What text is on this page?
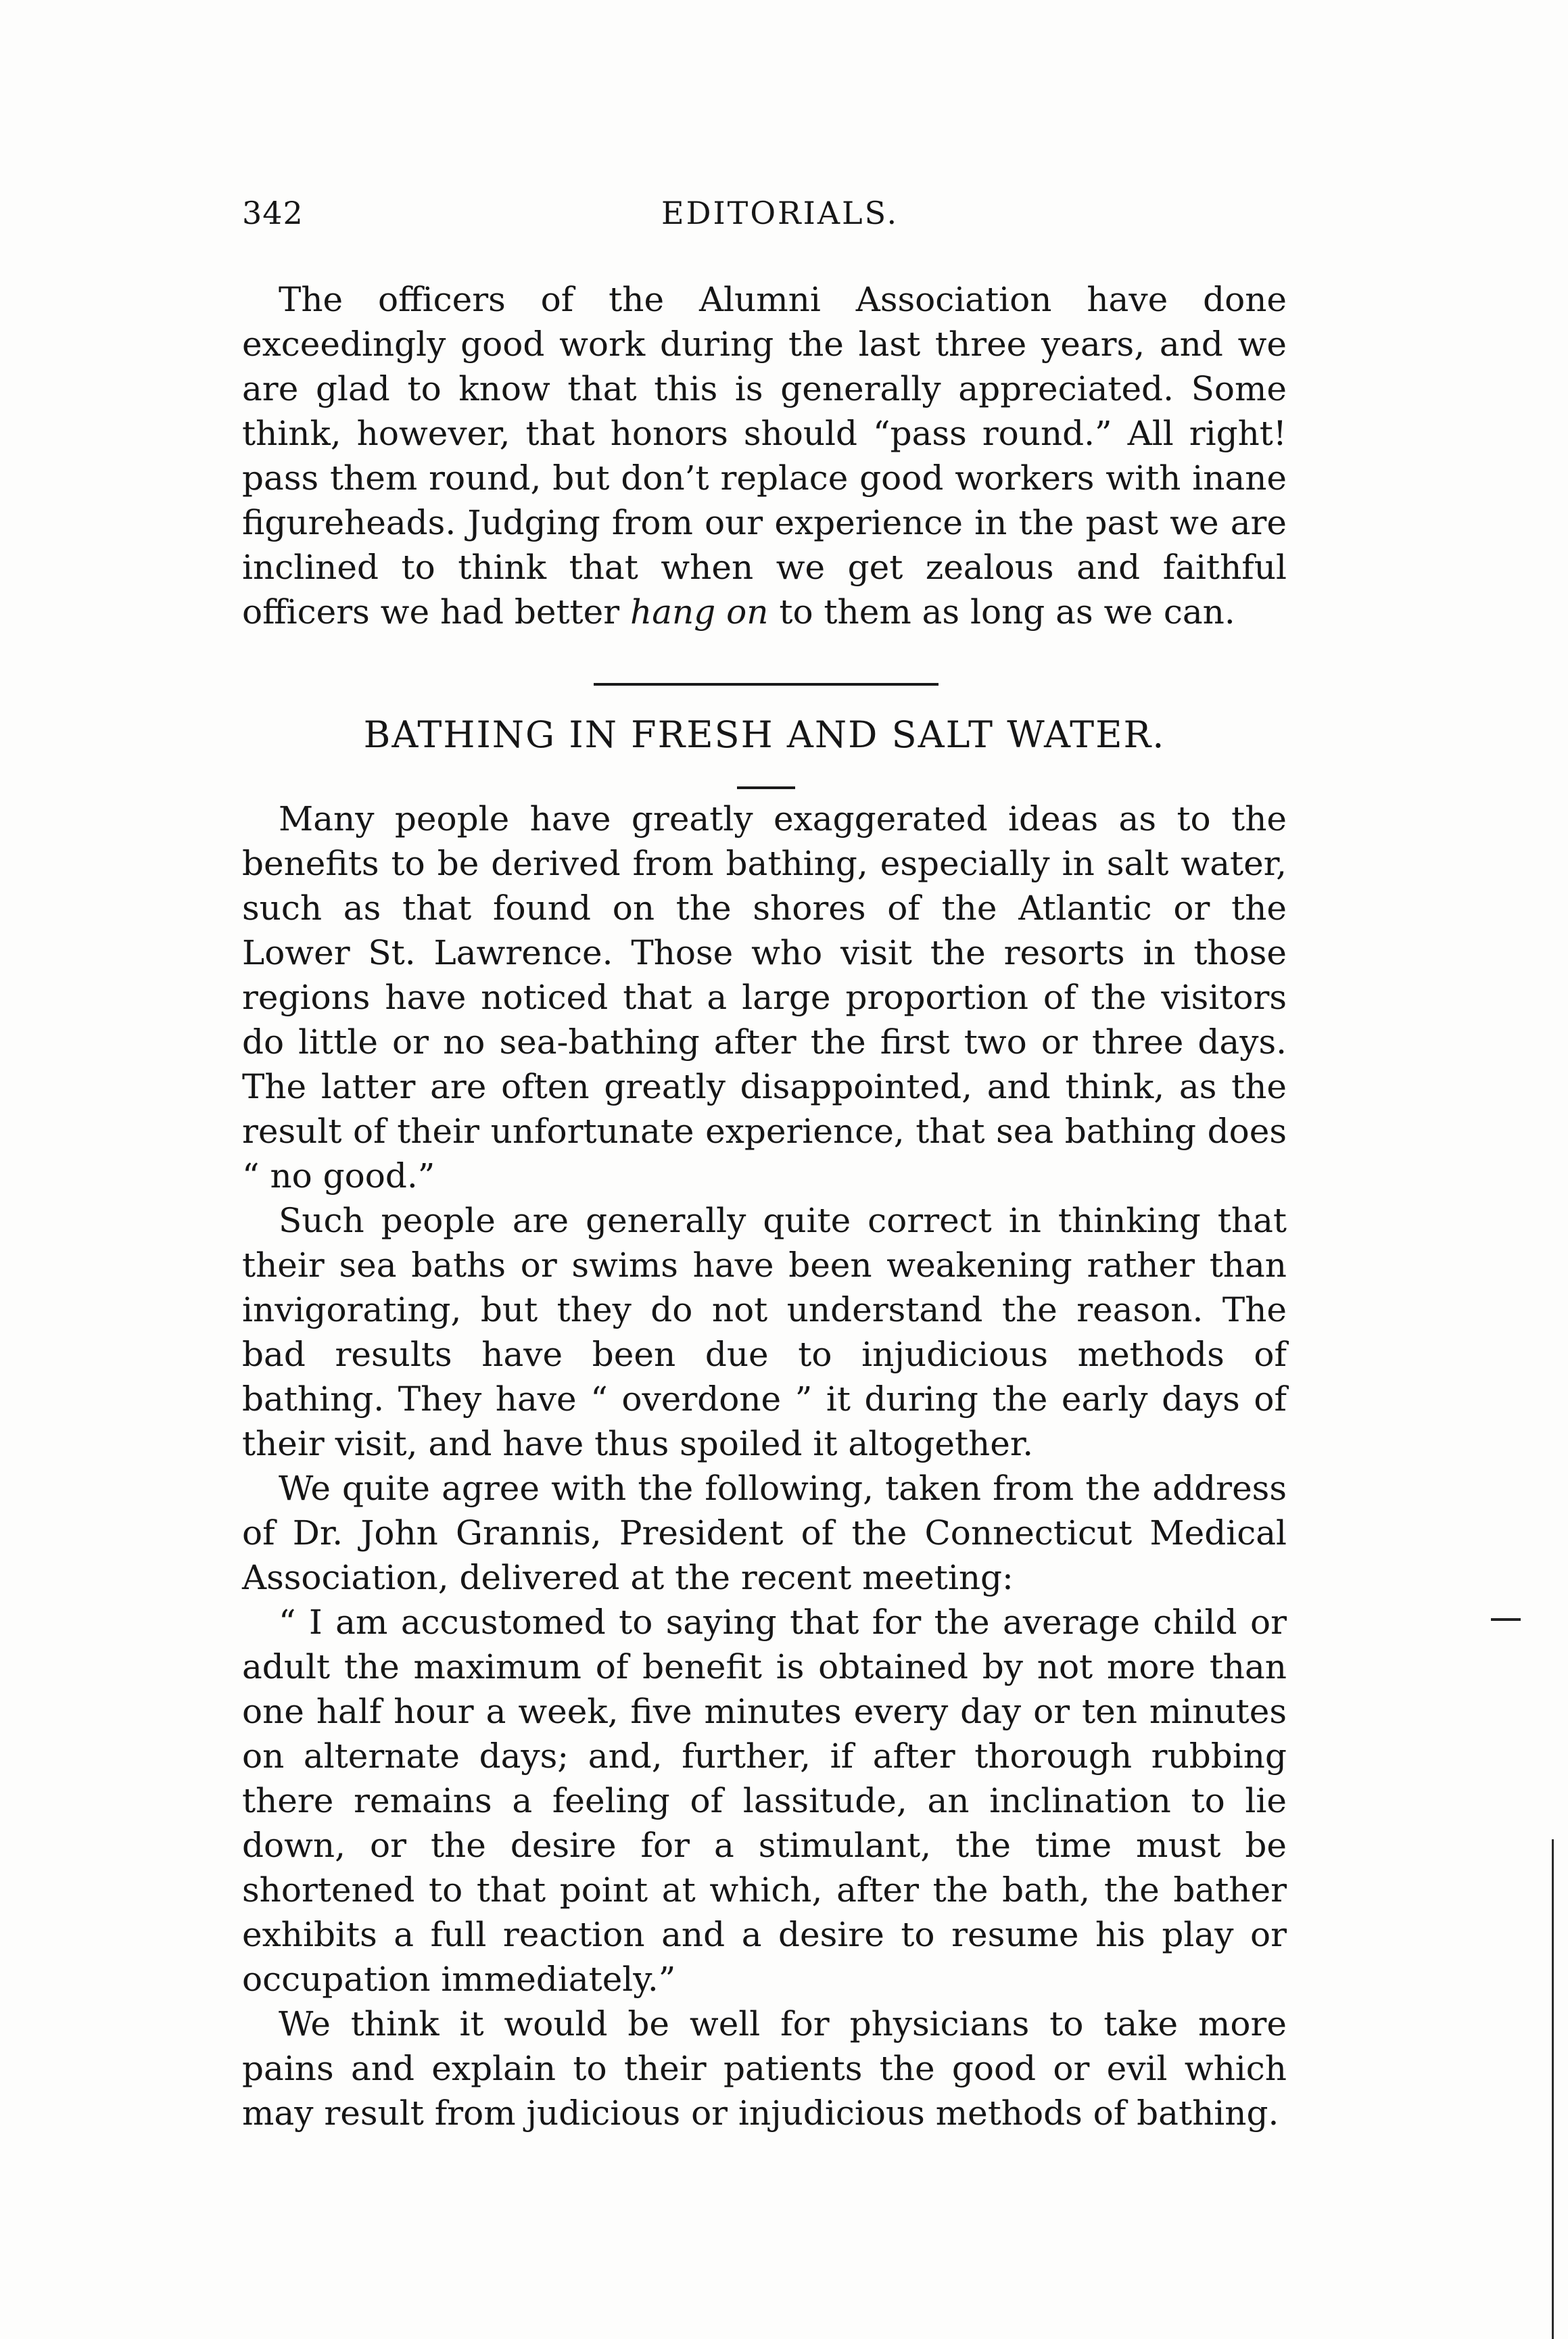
342	EDITORIALS.

The officers of the Alumni Association have done exceedingly good work during the last three years, and we are glad to know that this is generally appreciated. Some think, however, that honors should “pass round.” All right! pass them round, but don’t replace good workers with inane figureheads. Judging from our experience in the past we are inclined to think that when we get zealous and faithful officers we had better hang on to them as long as we can.

BATHING IN FRESH AND SALT WATER.

Many people have greatly exaggerated ideas as to the benefits to be derived from bathing, especially in salt water, such as that found on the shores of the Atlantic or the Lower St. Lawrence. Those who visit the resorts in those regions have noticed that a large proportion of the visitors do little or no sea-bathing after the first two or three days. The latter are often greatly disappointed, and think, as the result of their unfortunate experience, that sea bathing does “ no good.”

Such people are generally quite correct in thinking that their sea baths or swims have been weakening rather than invigorating, but they do not understand the reason. The bad results have been due to injudicious methods of bathing. They have “ overdone ” it during the early days of their visit, and have thus spoiled it altogether.

We quite agree with the following, taken from the address of Dr. John Grannis, President of the Connecticut Medical Association, delivered at the recent meeting:

“ I am accustomed to saying that for the average child or adult the maximum of benefit is obtained by not more than one half hour a week, five minutes every day or ten minutes on alternate days; and, further, if after thorough rubbing there remains a feeling of lassitude, an inclination to lie down, or the desire for a stimulant, the time must be shortened to that point at which, after the bath, the bather exhibits a full reaction and a desire to resume his play or occupation immediately.”

We think it would be well for physicians to take more pains and explain to their patients the good or evil which may result from judicious or injudicious methods of bathing.
